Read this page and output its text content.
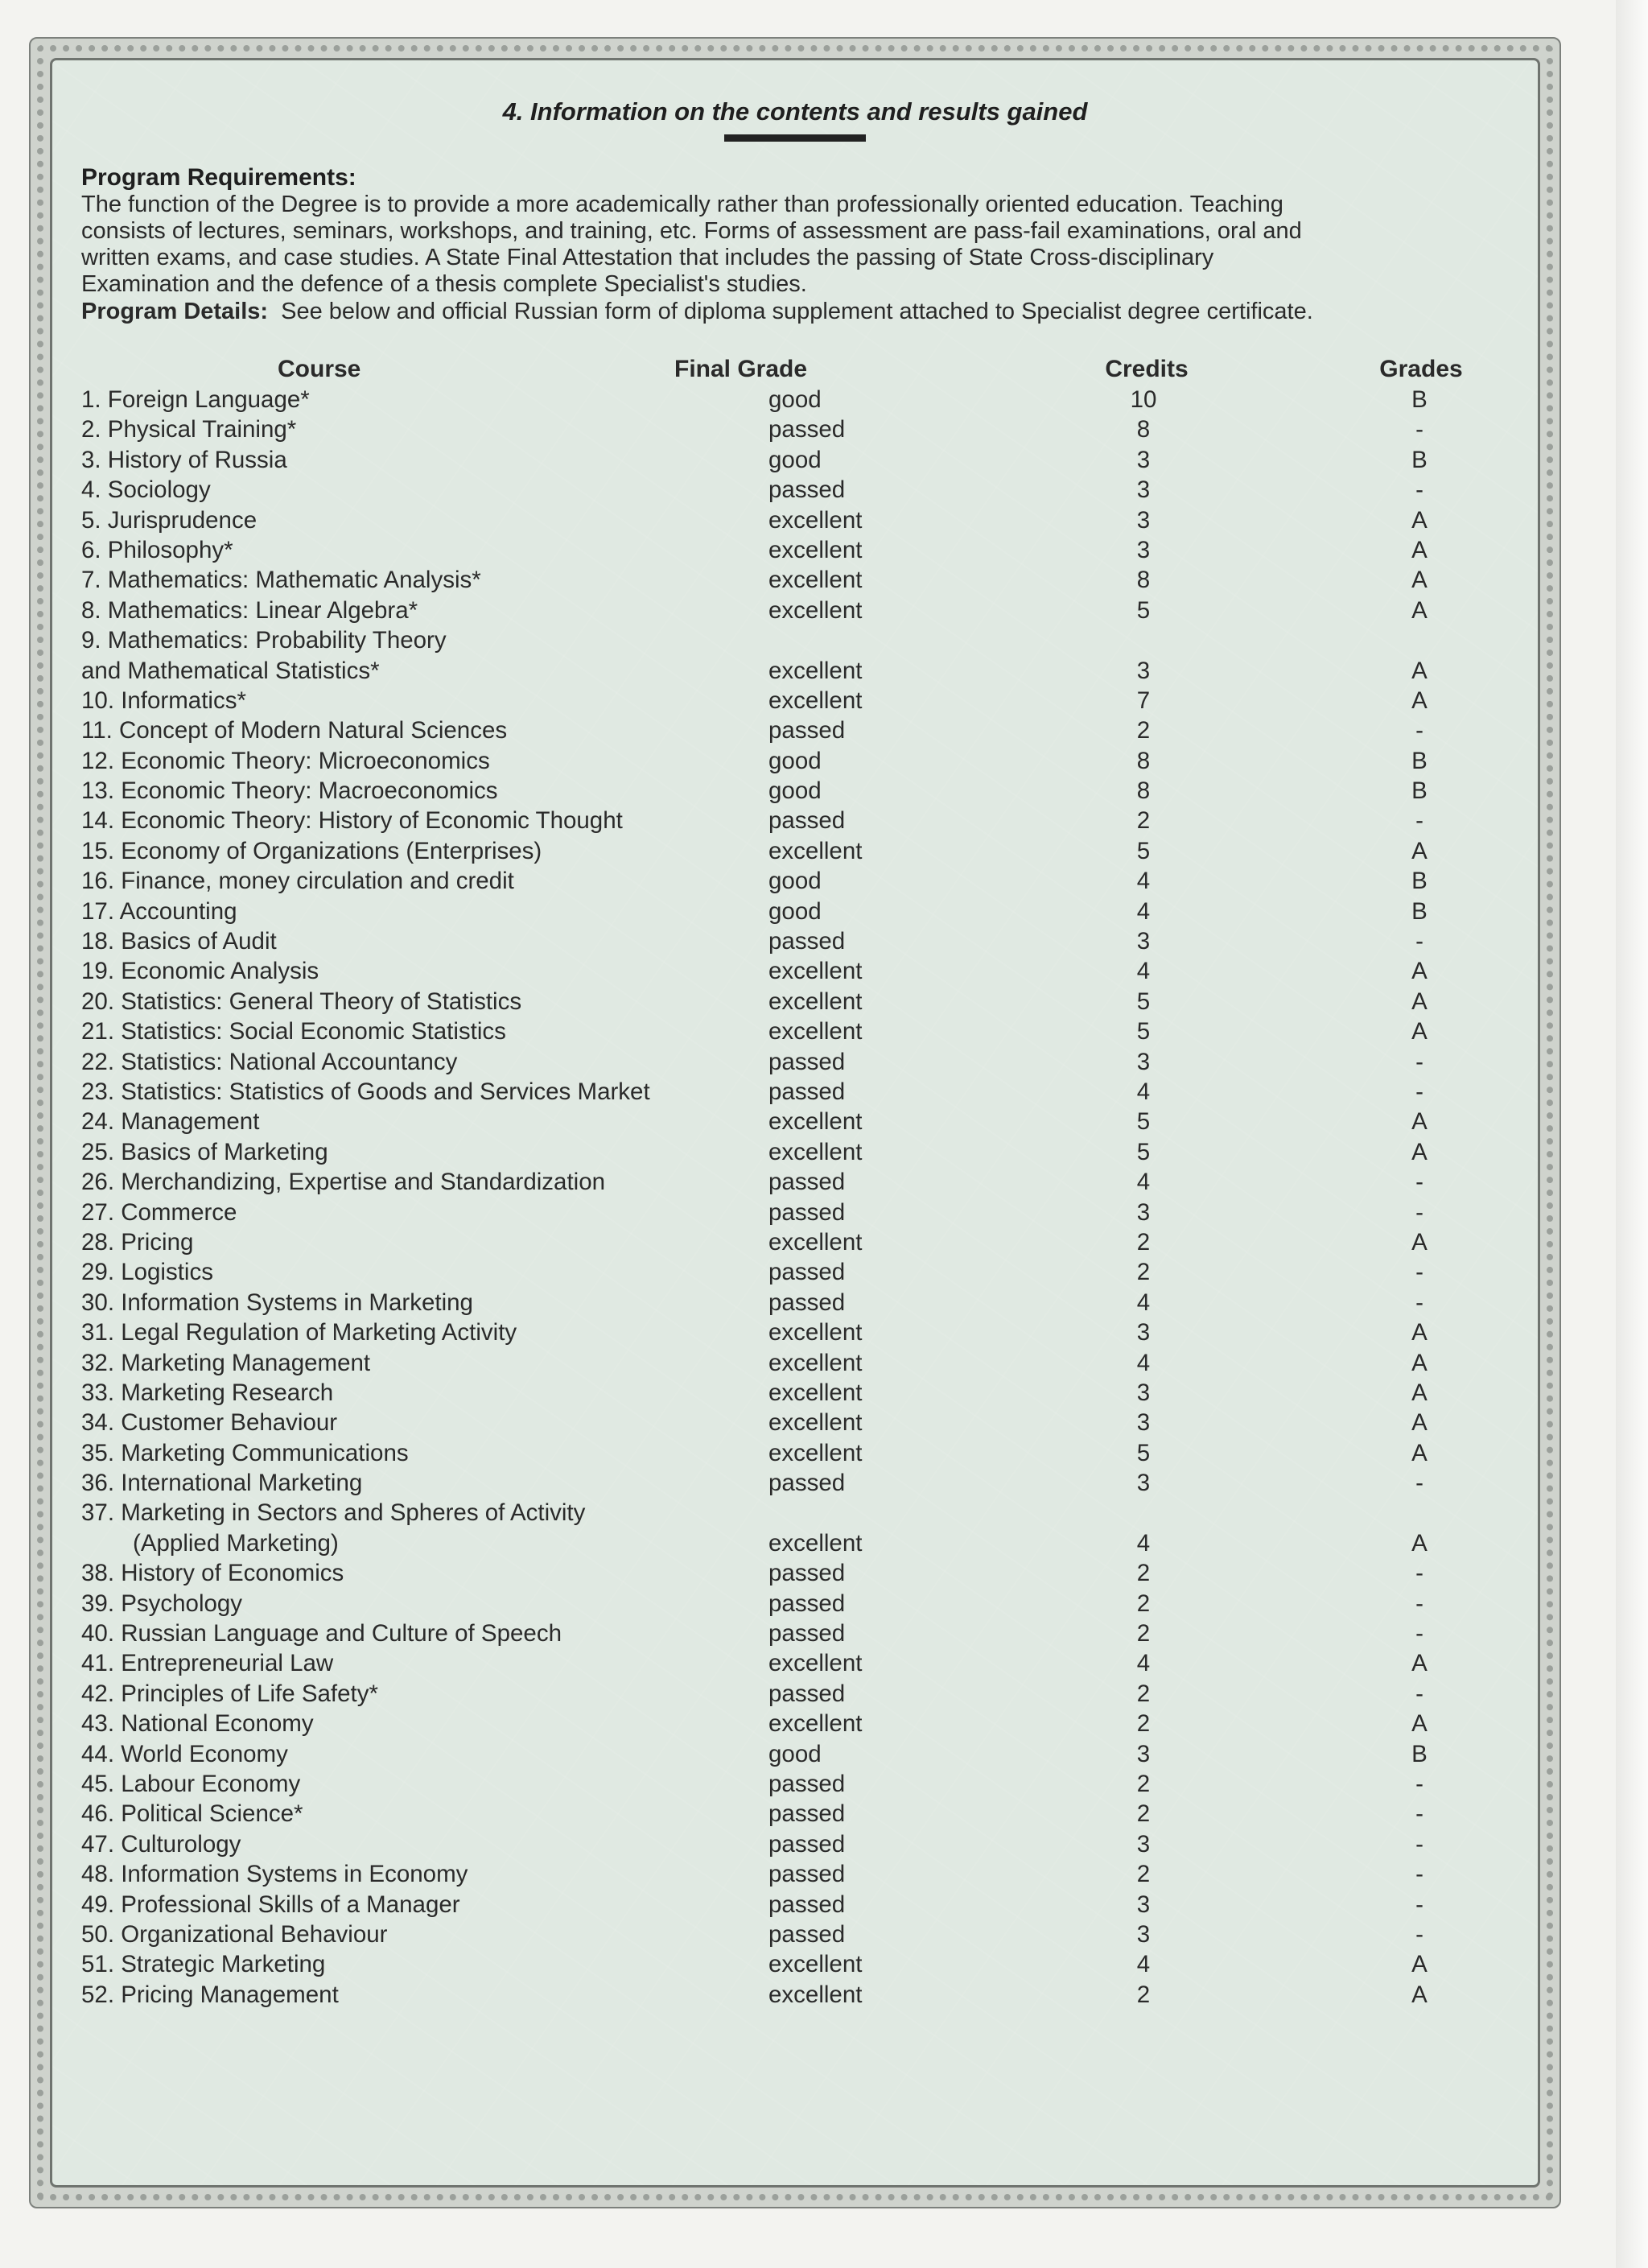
4. Information on the contents and results gained
Program Requirements:
The function of the Degree is to provide a more academically rather than professionally oriented education. Teaching
consists of lectures, seminars, workshops, and training, etc. Forms of assessment are pass-fail examinations, oral and
written exams, and case studies. A State Final Attestation that includes the passing of State Cross-disciplinary
Examination and the defence of a thesis complete Specialist's studies.
Program Details: See below and official Russian form of diploma supplement attached to Specialist degree certificate.
Course	Final Grade	Credits	Grades
1. Foreign Language*	good	10	B
2. Physical Training*	passed	8	-
3. History of Russia	good	3	B
4. Sociology	passed	3	-
5. Jurisprudence	excellent	3	A
6. Philosophy*	excellent	3	A
7. Mathematics: Mathematic Analysis*	excellent	8	A
8. Mathematics: Linear Algebra*	excellent	5	A
9. Mathematics: Probability Theory
and Mathematical Statistics*	excellent	3	A
10. Informatics*	excellent	7	A
11. Concept of Modern Natural Sciences	passed	2	-
12. Economic Theory: Microeconomics	good	8	B
13. Economic Theory: Macroeconomics	good	8	B
14. Economic Theory: History of Economic Thought	passed	2	-
15. Economy of Organizations (Enterprises)	excellent	5	A
16. Finance, money circulation and credit	good	4	B
17. Accounting	good	4	B
18. Basics of Audit	passed	3	-
19. Economic Analysis	excellent	4	A
20. Statistics: General Theory of Statistics	excellent	5	A
21. Statistics: Social Economic Statistics	excellent	5	A
22. Statistics: National Accountancy	passed	3	-
23. Statistics: Statistics of Goods and Services Market	passed	4	-
24. Management	excellent	5	A
25. Basics of Marketing	excellent	5	A
26. Merchandizing, Expertise and Standardization	passed	4	-
27. Commerce	passed	3	-
28. Pricing	excellent	2	A
29. Logistics	passed	2	-
30. Information Systems in Marketing	passed	4	-
31. Legal Regulation of Marketing Activity	excellent	3	A
32. Marketing Management	excellent	4	A
33. Marketing Research	excellent	3	A
34. Customer Behaviour	excellent	3	A
35. Marketing Communications	excellent	5	A
36. International Marketing	passed	3	-
37. Marketing in Sectors and Spheres of Activity
(Applied Marketing)	excellent	4	A
38. History of Economics	passed	2	-
39. Psychology	passed	2	-
40. Russian Language and Culture of Speech	passed	2	-
41. Entrepreneurial Law	excellent	4	A
42. Principles of Life Safety*	passed	2	-
43. National Economy	excellent	2	A
44. World Economy	good	3	B
45. Labour Economy	passed	2	-
46. Political Science*	passed	2	-
47. Culturology	passed	3	-
48. Information Systems in Economy	passed	2	-
49. Professional Skills of a Manager	passed	3	-
50. Organizational Behaviour	passed	3	-
51. Strategic Marketing	excellent	4	A
52. Pricing Management	excellent	2	A
